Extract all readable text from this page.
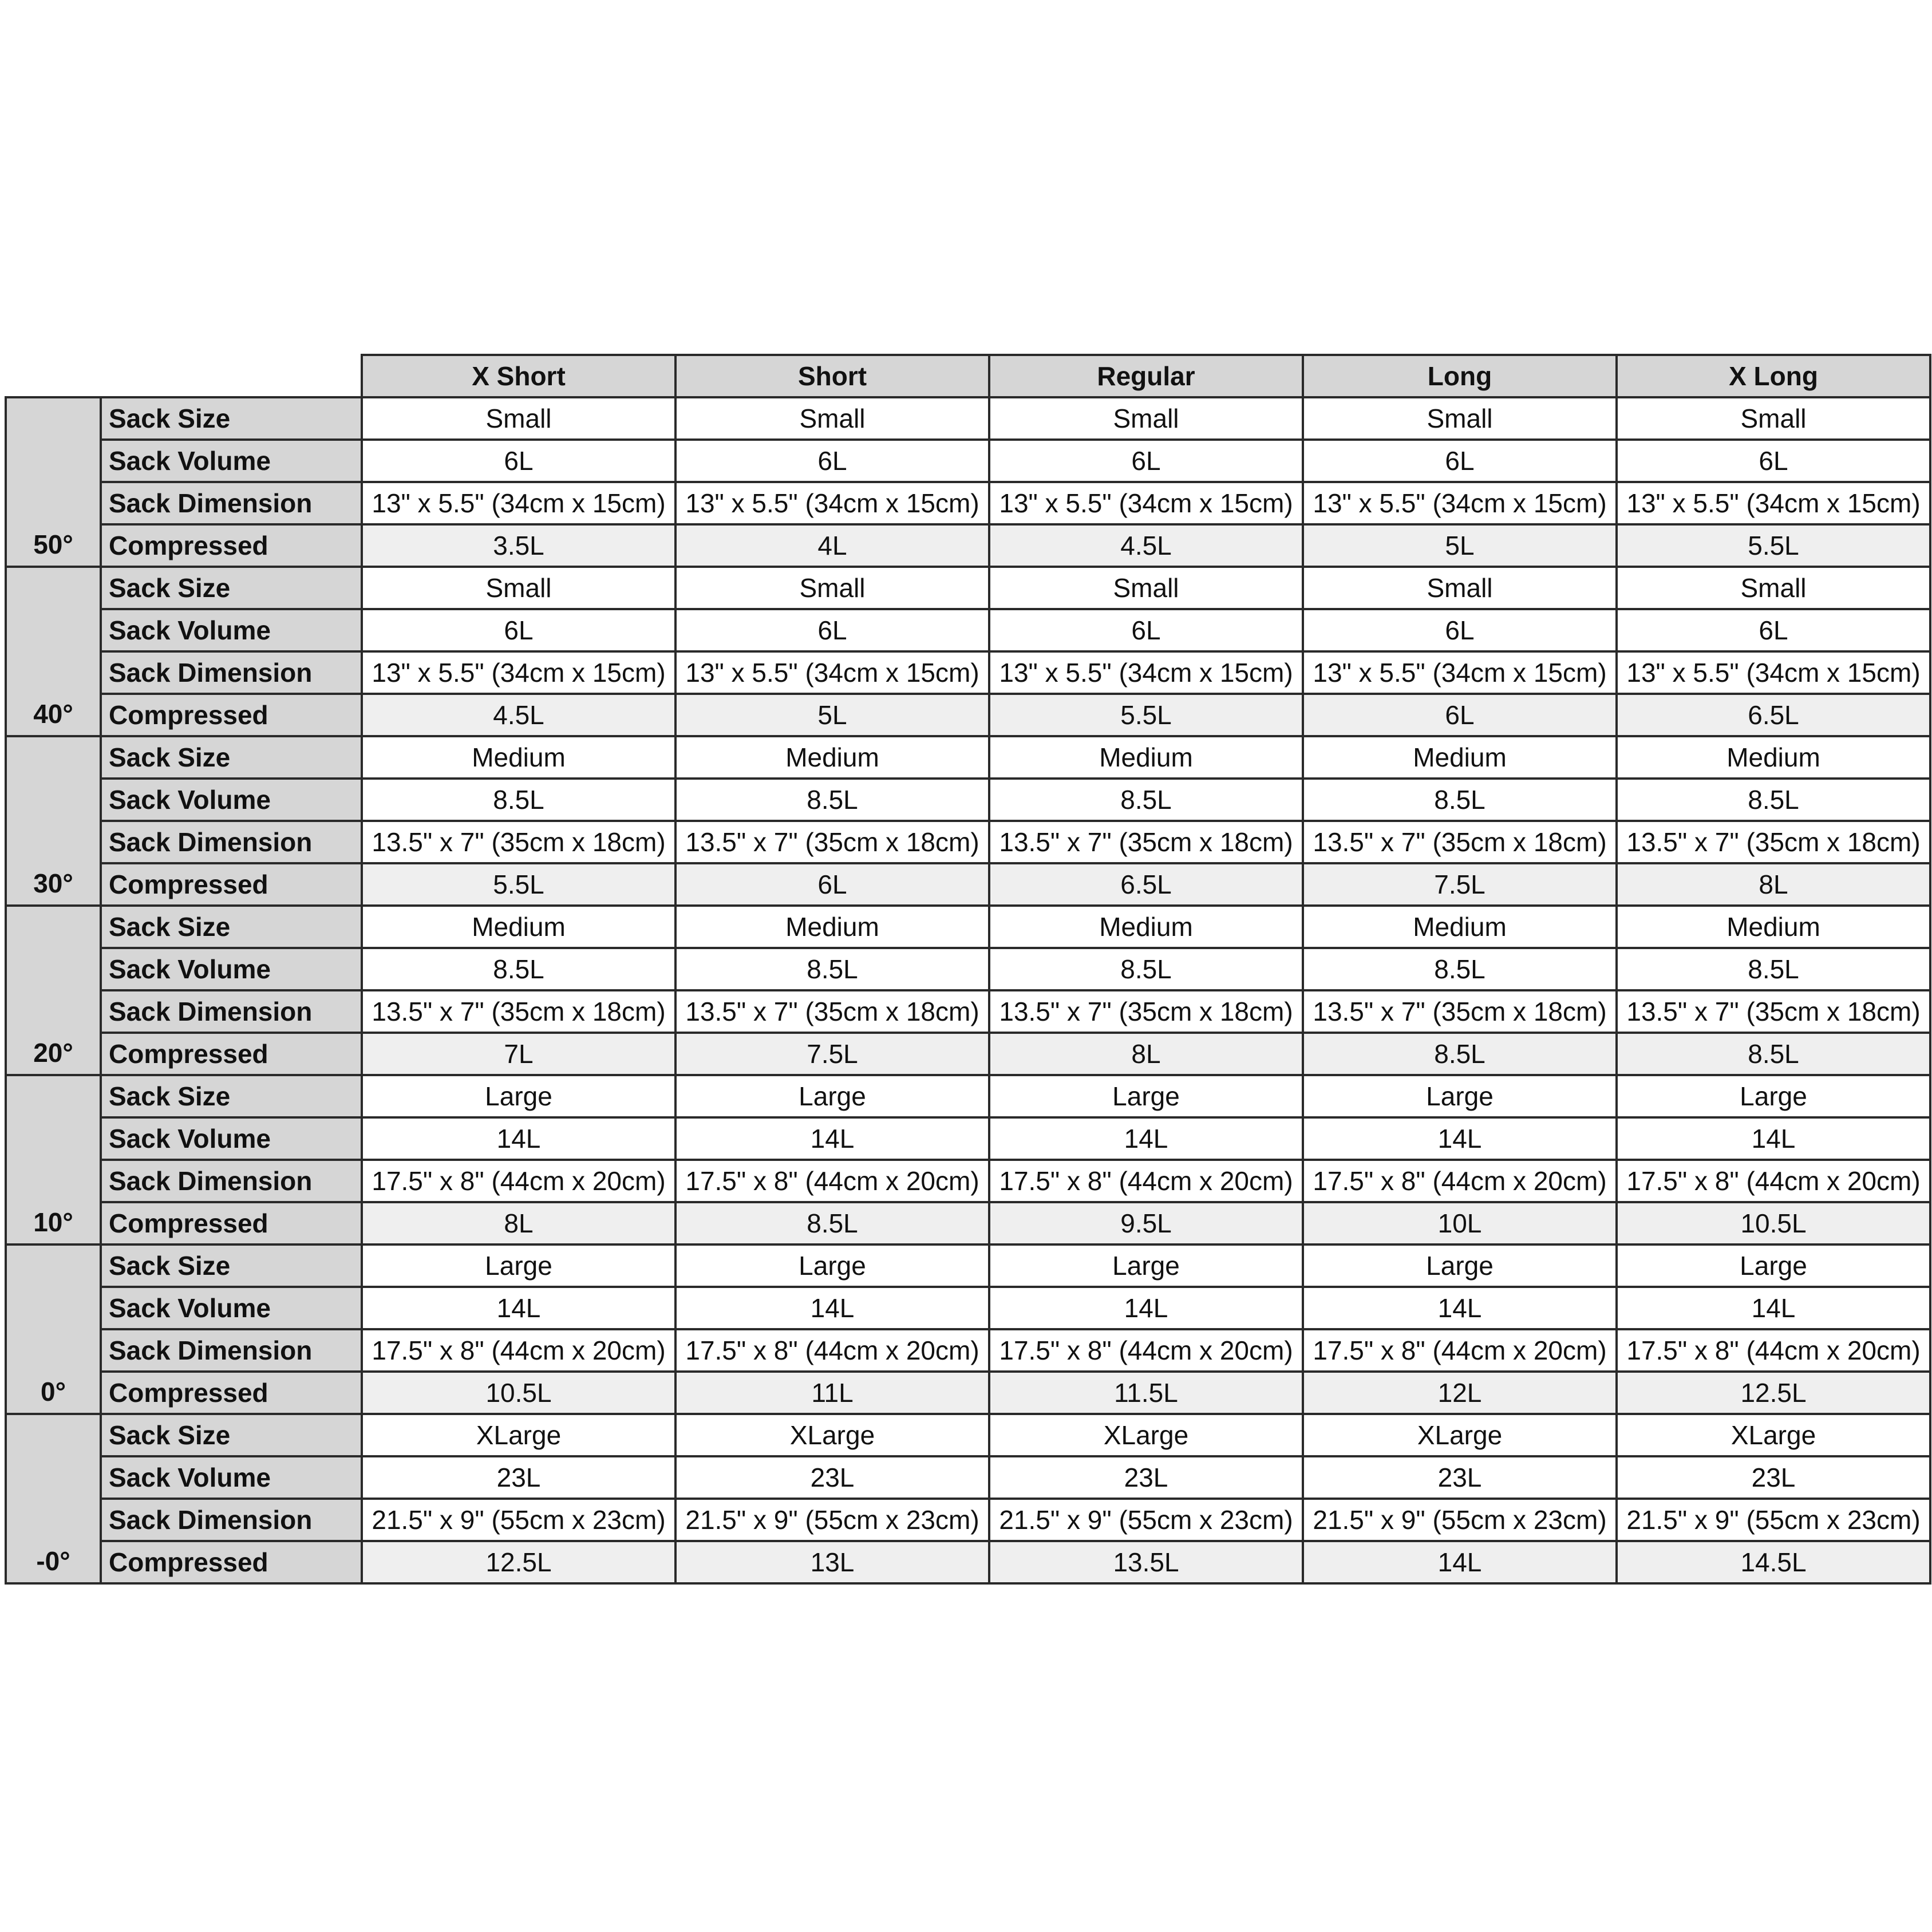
		X Short	Short	Regular	Long	X Long
50°	Sack Size	Small	Small	Small	Small	Small
	Sack Volume	6L	6L	6L	6L	6L
	Sack Dimension	13" x 5.5" (34cm x 15cm)	13" x 5.5" (34cm x 15cm)	13" x 5.5" (34cm x 15cm)	13" x 5.5" (34cm x 15cm)	13" x 5.5" (34cm x 15cm)
	Compressed	3.5L	4L	4.5L	5L	5.5L
40°	Sack Size	Small	Small	Small	Small	Small
	Sack Volume	6L	6L	6L	6L	6L
	Sack Dimension	13" x 5.5" (34cm x 15cm)	13" x 5.5" (34cm x 15cm)	13" x 5.5" (34cm x 15cm)	13" x 5.5" (34cm x 15cm)	13" x 5.5" (34cm x 15cm)
	Compressed	4.5L	5L	5.5L	6L	6.5L
30°	Sack Size	Medium	Medium	Medium	Medium	Medium
	Sack Volume	8.5L	8.5L	8.5L	8.5L	8.5L
	Sack Dimension	13.5" x 7" (35cm x 18cm)	13.5" x 7" (35cm x 18cm)	13.5" x 7" (35cm x 18cm)	13.5" x 7" (35cm x 18cm)	13.5" x 7" (35cm x 18cm)
	Compressed	5.5L	6L	6.5L	7.5L	8L
20°	Sack Size	Medium	Medium	Medium	Medium	Medium
	Sack Volume	8.5L	8.5L	8.5L	8.5L	8.5L
	Sack Dimension	13.5" x 7" (35cm x 18cm)	13.5" x 7" (35cm x 18cm)	13.5" x 7" (35cm x 18cm)	13.5" x 7" (35cm x 18cm)	13.5" x 7" (35cm x 18cm)
	Compressed	7L	7.5L	8L	8.5L	8.5L
10°	Sack Size	Large	Large	Large	Large	Large
	Sack Volume	14L	14L	14L	14L	14L
	Sack Dimension	17.5" x 8" (44cm x 20cm)	17.5" x 8" (44cm x 20cm)	17.5" x 8" (44cm x 20cm)	17.5" x 8" (44cm x 20cm)	17.5" x 8" (44cm x 20cm)
	Compressed	8L	8.5L	9.5L	10L	10.5L
0°	Sack Size	Large	Large	Large	Large	Large
	Sack Volume	14L	14L	14L	14L	14L
	Sack Dimension	17.5" x 8" (44cm x 20cm)	17.5" x 8" (44cm x 20cm)	17.5" x 8" (44cm x 20cm)	17.5" x 8" (44cm x 20cm)	17.5" x 8" (44cm x 20cm)
	Compressed	10.5L	11L	11.5L	12L	12.5L
-0°	Sack Size	XLarge	XLarge	XLarge	XLarge	XLarge
	Sack Volume	23L	23L	23L	23L	23L
	Sack Dimension	21.5" x 9" (55cm x 23cm)	21.5" x 9" (55cm x 23cm)	21.5" x 9" (55cm x 23cm)	21.5" x 9" (55cm x 23cm)	21.5" x 9" (55cm x 23cm)
	Compressed	12.5L	13L	13.5L	14L	14.5L
